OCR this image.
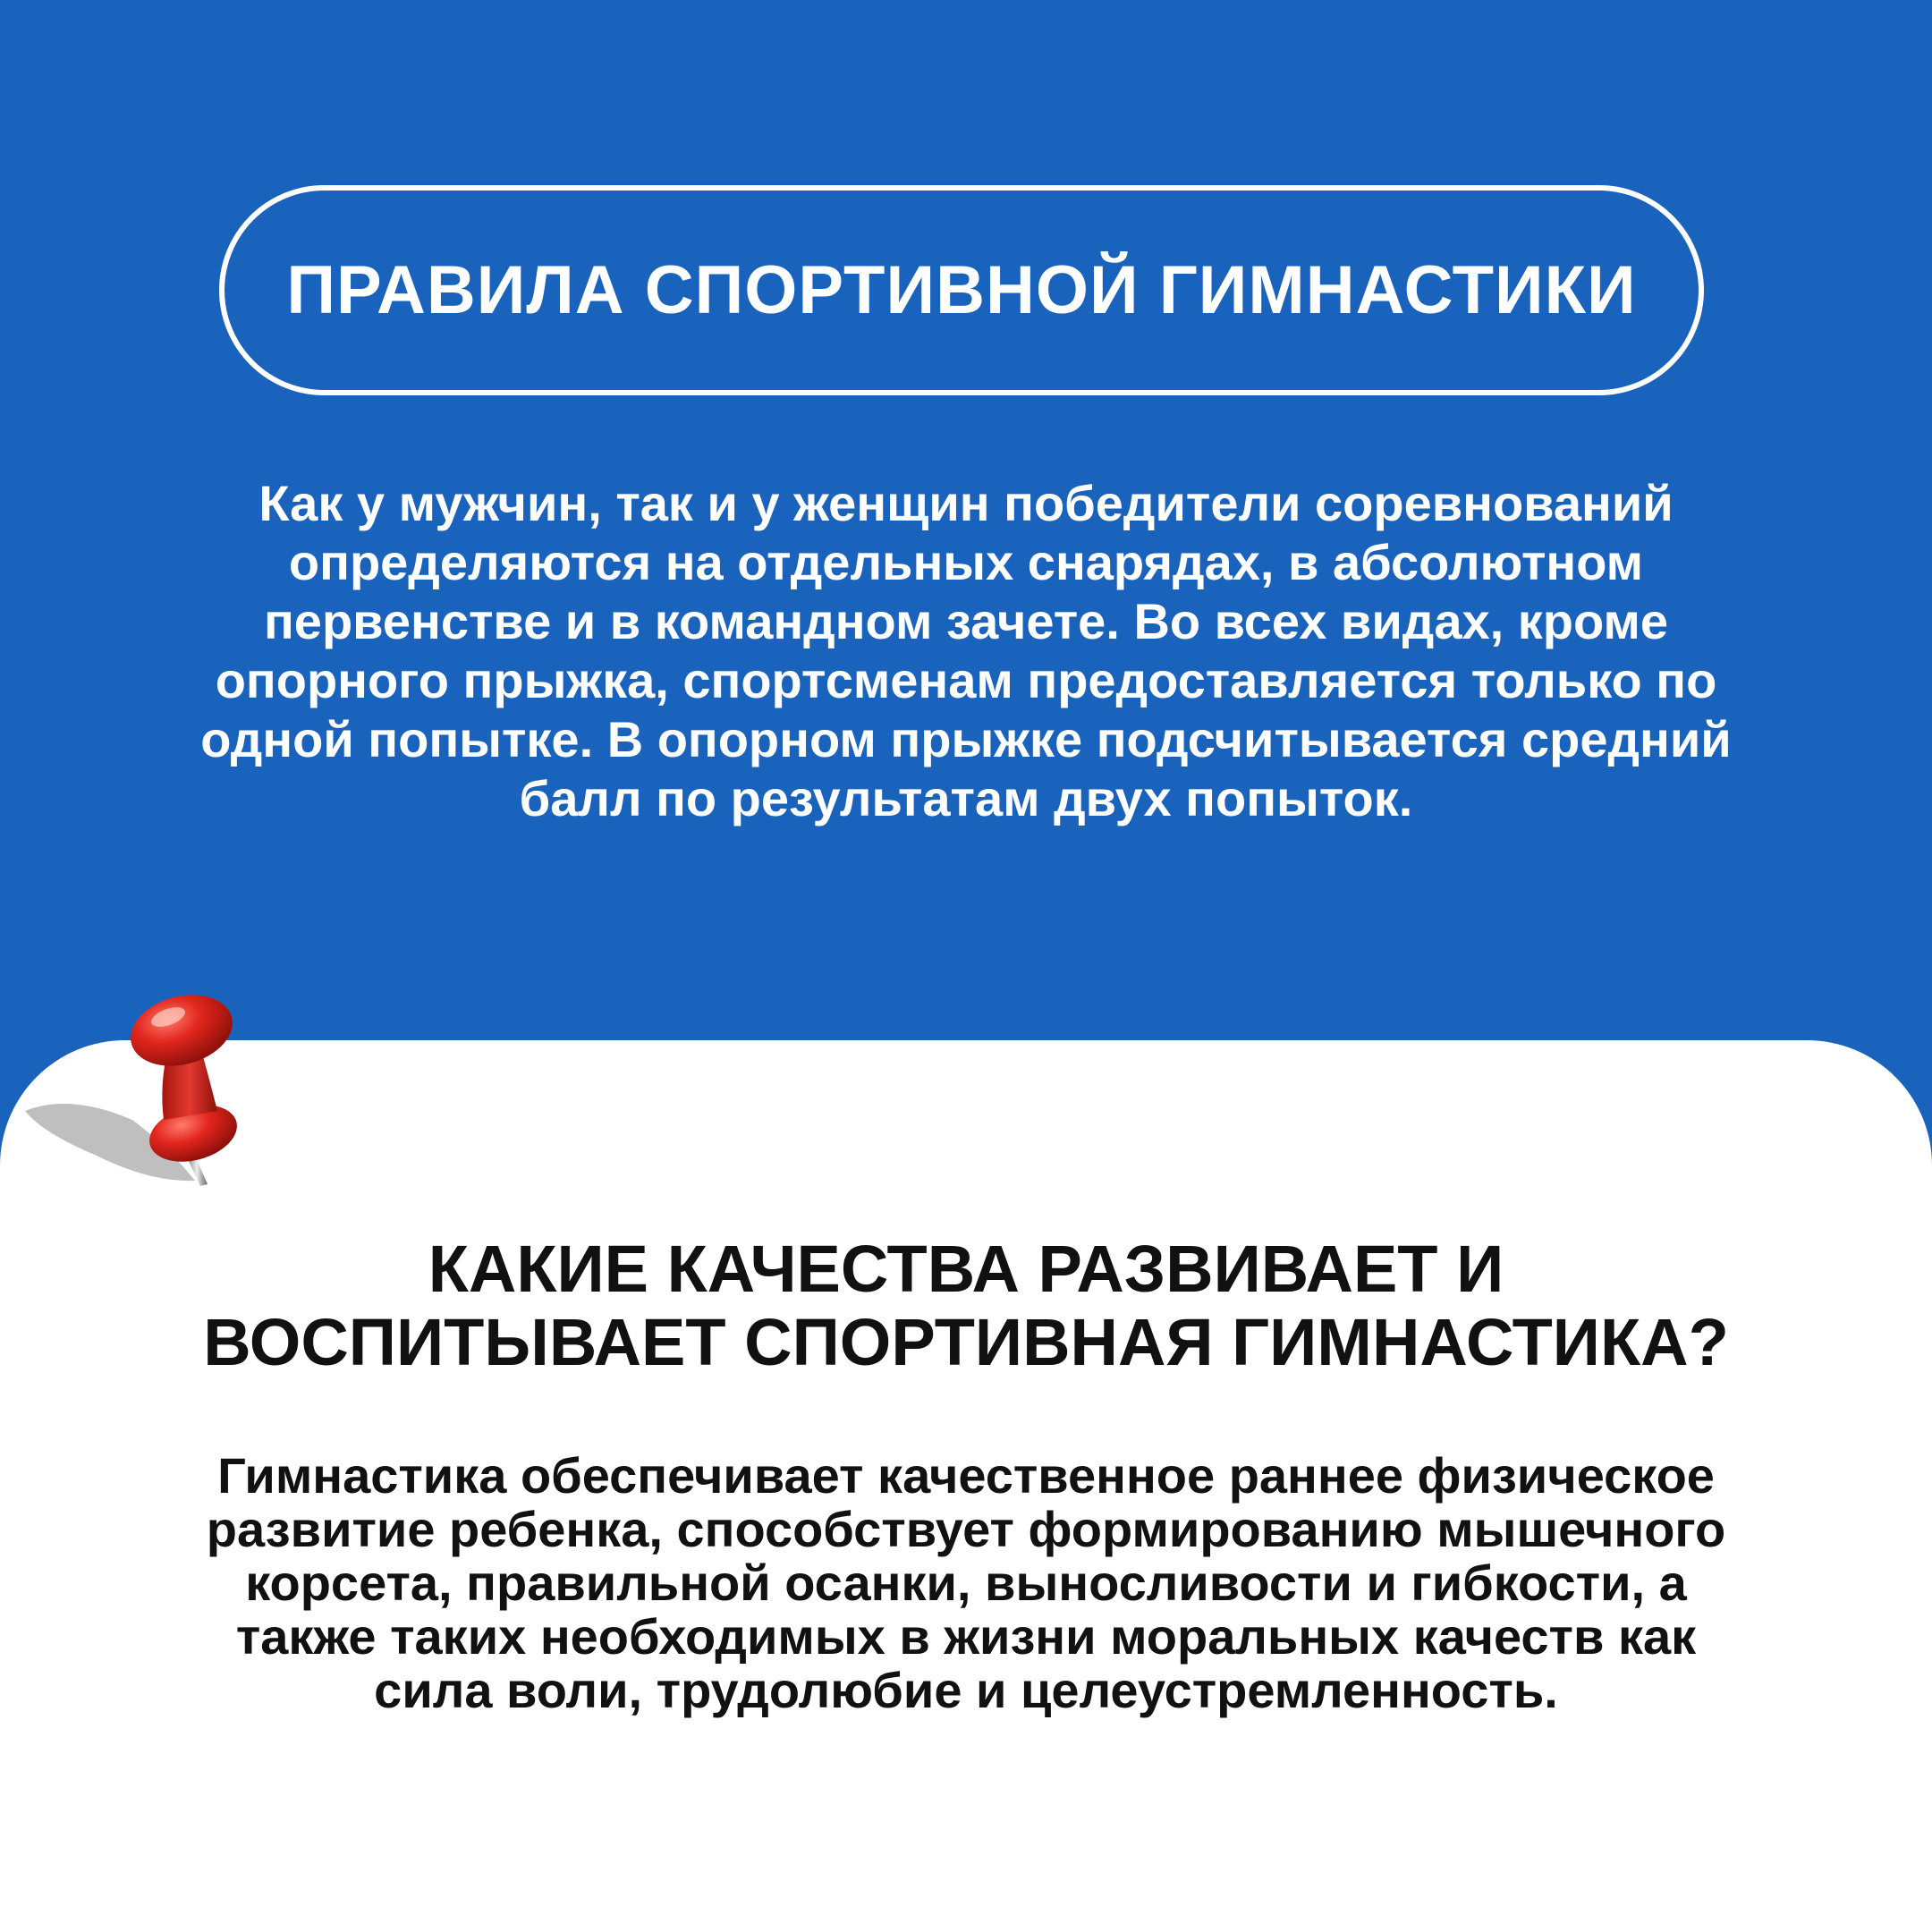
ПРАВИЛА СПОРТИВНОЙ ГИМНАСТИКИ
Как у мужчин, так и у женщин победители соревнований
определяются на отдельных снарядах, в абсолютном
первенстве и в командном зачете. Во всех видах, кроме
опорного прыжка, спортсменам предоставляется только по
одной попытке. В опорном прыжке подсчитывается средний
балл по результатам двух попыток.
КАКИЕ КАЧЕСТВА РАЗВИВАЕТ И
ВОСПИТЫВАЕТ СПОРТИВНАЯ ГИМНАСТИКА?
Гимнастика обеспечивает качественное раннее физическое
развитие ребенка, способствует формированию мышечного
корсета, правильной осанки, выносливости и гибкости, а
также таких необходимых в жизни моральных качеств как
сила воли, трудолюбие и целеустремленность.
